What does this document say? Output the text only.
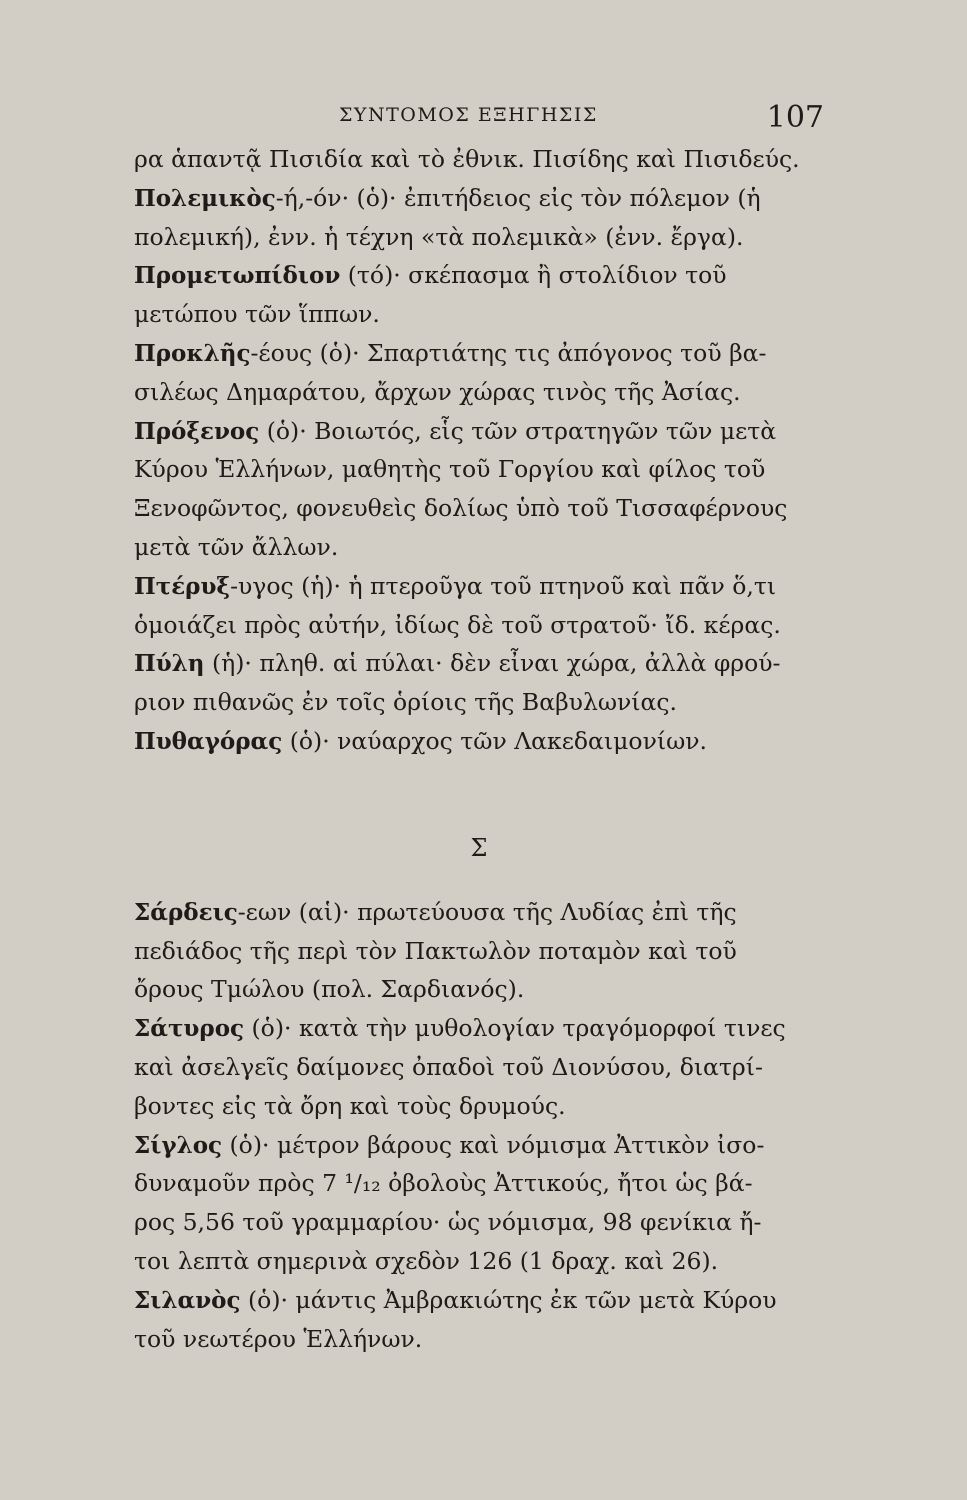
ΣΥΝΤΟΜΟΣ ΕΞΗΓΗΣΙΣ	107
ρα ἁπαντᾷ Πισιδία καὶ τὸ ἐθνικ. Πισίδης καὶ Πισιδεύς.
Πολεμικὸς-ή,-όν· (ὁ)· ἐπιτήδειος εἰς τὸν πόλεμον (ἡ
πολεμική), ἐνν. ἡ τέχνη «τὰ πολεμικὰ» (ἐνν. ἔργα).
Προμετωπίδιον (τό)· σκέπασμα ἢ στολίδιον τοῦ
μετώπου τῶν ἵππων.
Προκλῆς-έους (ὁ)· Σπαρτιάτης τις ἀπόγονος τοῦ βα-
σιλέως Δημαράτου, ἄρχων χώρας τινὸς τῆς Ἀσίας.
Πρόξενος (ὁ)· Βοιωτός, εἷς τῶν στρατηγῶν τῶν μετὰ
Κύρου Ἑλλήνων, μαθητὴς τοῦ Γοργίου καὶ φίλος τοῦ
Ξενοφῶντος, φονευθεὶς δολίως ὑπὸ τοῦ Τισσαφέρνους
μετὰ τῶν ἄλλων.
Πτέρυξ-υγος (ἡ)· ἡ πτεροῦγα τοῦ πτηνοῦ καὶ πᾶν ὅ,τι
ὁμοιάζει πρὸς αὐτήν, ἰδίως δὲ τοῦ στρατοῦ· ἴδ. κέρας.
Πύλη (ἡ)· πληθ. αἱ πύλαι· δὲν εἶναι χώρα, ἀλλὰ φρού-
ριον πιθανῶς ἐν τοῖς ὁρίοις τῆς Βαβυλωνίας.
Πυθαγόρας (ὁ)· ναύαρχος τῶν Λακεδαιμονίων.
Σ
Σάρδεις-εων (αἱ)· πρωτεύουσα τῆς Λυδίας ἐπὶ τῆς
πεδιάδος τῆς περὶ τὸν Πακτωλὸν ποταμὸν καὶ τοῦ
ὄρους Τμώλου (πολ. Σαρδιανός).
Σάτυρος (ὁ)· κατὰ τὴν μυθολογίαν τραγόμορφοί τινες
καὶ ἀσελγεῖς δαίμονες ὀπαδοὶ τοῦ Διονύσου, διατρί-
βοντες εἰς τὰ ὄρη καὶ τοὺς δρυμούς.
Σίγλος (ὁ)· μέτρον βάρους καὶ νόμισμα Ἀττικὸν ἰσο-
δυναμοῦν πρὸς 7 ¹/₁₂ ὀβολοὺς Ἀττικούς, ἤτοι ὡς βά-
ρος 5,56 τοῦ γραμμαρίου· ὡς νόμισμα, 98 φενίκια ἤ-
τοι λεπτὰ σημερινὰ σχεδὸν 126 (1 δραχ. καὶ 26).
Σιλανὸς (ὁ)· μάντις Ἀμβρακιώτης ἐκ τῶν μετὰ Κύρου
τοῦ νεωτέρου Ἑλλήνων.
